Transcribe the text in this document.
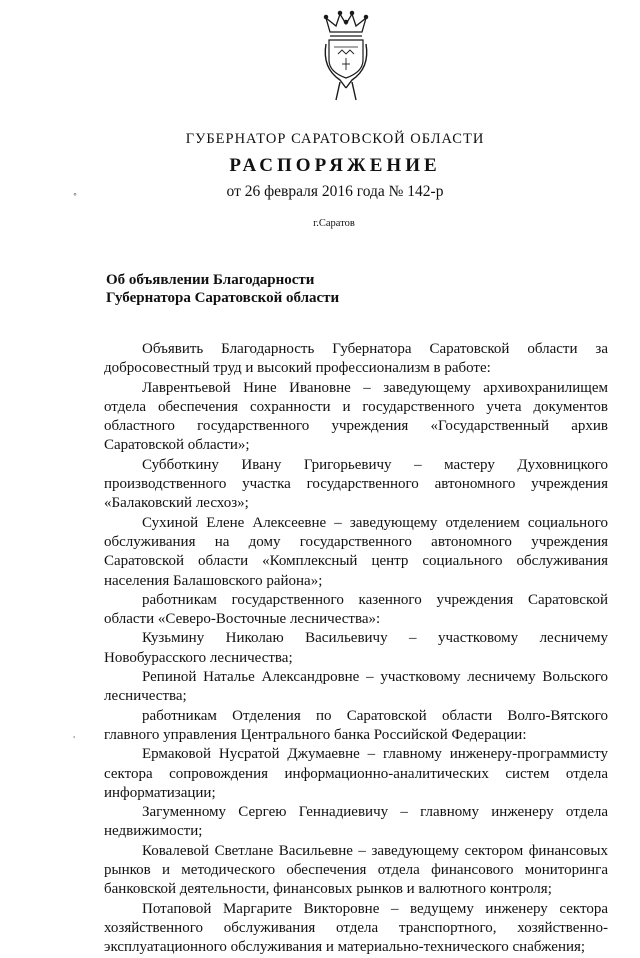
ГУБЕРНАТОР САРАТОВСКОЙ ОБЛАСТИ
РАСПОРЯЖЕНИЕ
от 26 февраля 2016 года № 142-р
г.Саратов
°
'
Об объявлении Благодарности
Губернатора Саратовской области

Объявить Благодарность Губернатора Саратовской области за добросовестный труд и высокий профессионализм в работе:

Лаврентьевой Нине Ивановне – заведующему архивохранилищем отдела обеспечения сохранности и государственного учета документов областного государственного учреждения «Государственный архив Саратовской области»;

Субботкину Ивану Григорьевичу – мастеру Духовницкого производственного участка государственного автономного учреждения «Балаковский лесхоз»;

Сухиной Елене Алексеевне – заведующему отделением социального обслуживания на дому государственного автономного учреждения Саратовской области «Комплексный центр социального обслуживания населения Балашовского района»;

работникам государственного казенного учреждения Саратовской области «Северо-Восточные лесничества»:

Кузьмину Николаю Васильевичу – участковому лесничему Новобурасского лесничества;

Репиной Наталье Александровне – участковому лесничему Вольского лесничества;

работникам Отделения по Саратовской области Волго-Вятского главного управления Центрального банка Российской Федерации:

Ермаковой Нусратой Джумаевне – главному инженеру-программисту сектора сопровождения информационно-аналитических систем отдела информатизации;

Загуменному Сергею Геннадиевичу – главному инженеру отдела недвижимости;

Ковалевой Светлане Васильевне – заведующему сектором финансовых рынков и методического обеспечения отдела финансового мониторинга банковской деятельности, финансовых рынков и валютного контроля;

Потаповой Маргарите Викторовне – ведущему инженеру сектора хозяйственного обслуживания отдела транспортного, хозяйственно-эксплуатационного обслуживания и материально-технического снабжения;
